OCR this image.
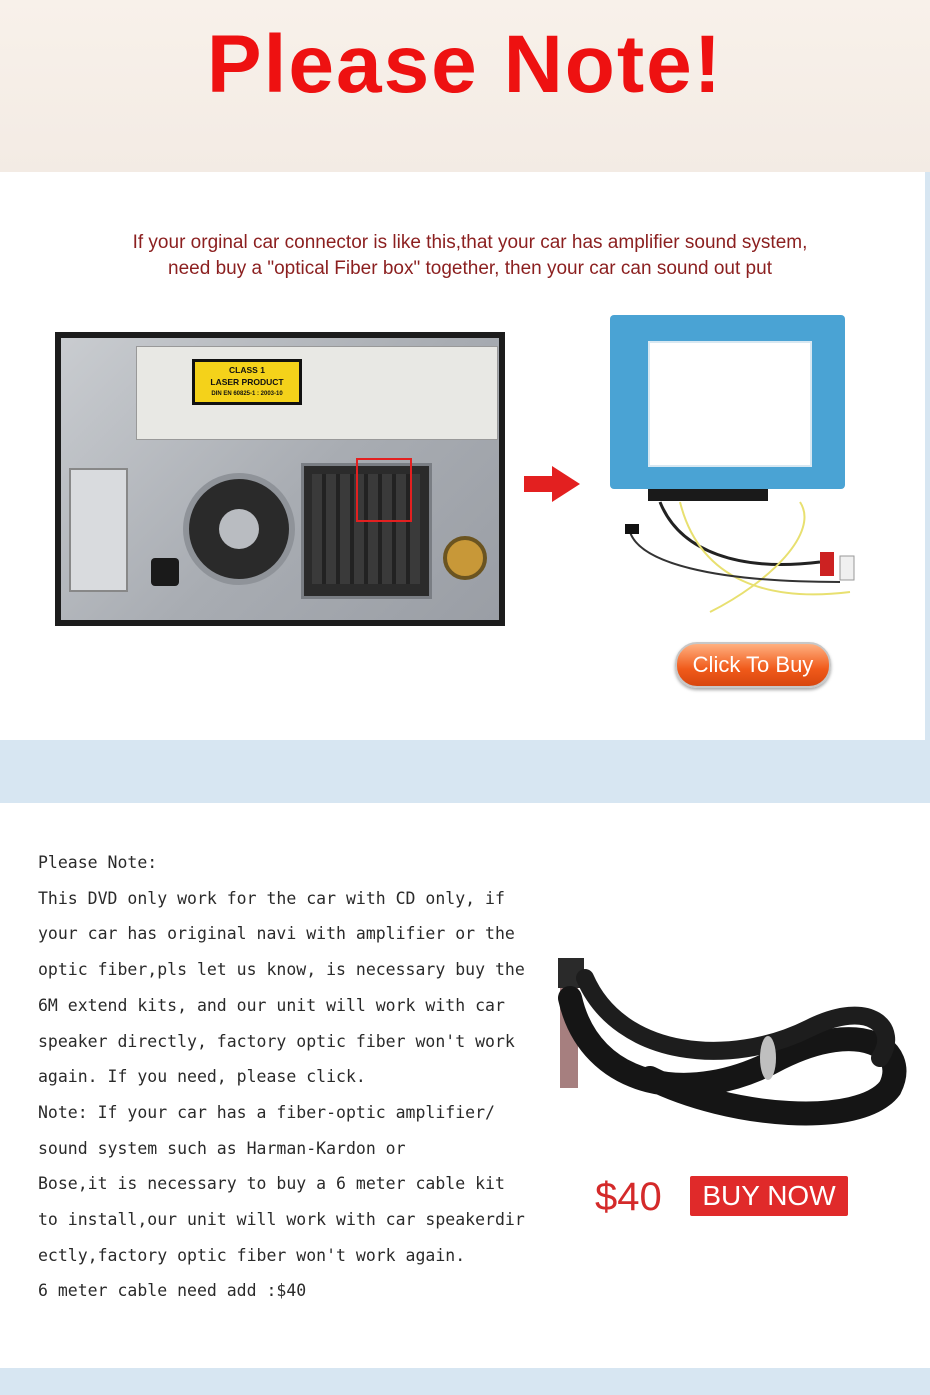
Please Note!
If your orginal car connector is like this,that your car has amplifier sound system,
need buy a "optical Fiber box" together, then your car can sound out put
CLASS 1
LASER PRODUCT
DIN EN 60825-1 : 2003-10
Click To Buy
Please Note:
This DVD only work for the car with CD only, if
your car has original navi with amplifier or the
optic fiber,pls let us know, is necessary buy the
6M extend kits, and our unit will work with car
speaker directly, factory optic fiber won't work
again. If you need, please click.
Note: If your car has a fiber-optic amplifier/
sound system such as Harman-Kardon or
Bose,it is necessary to buy a 6 meter cable kit
to install,our unit will work with car speakerdir
ectly,factory optic fiber won't work again.
6 meter cable need add :$40
$40	BUY NOW
